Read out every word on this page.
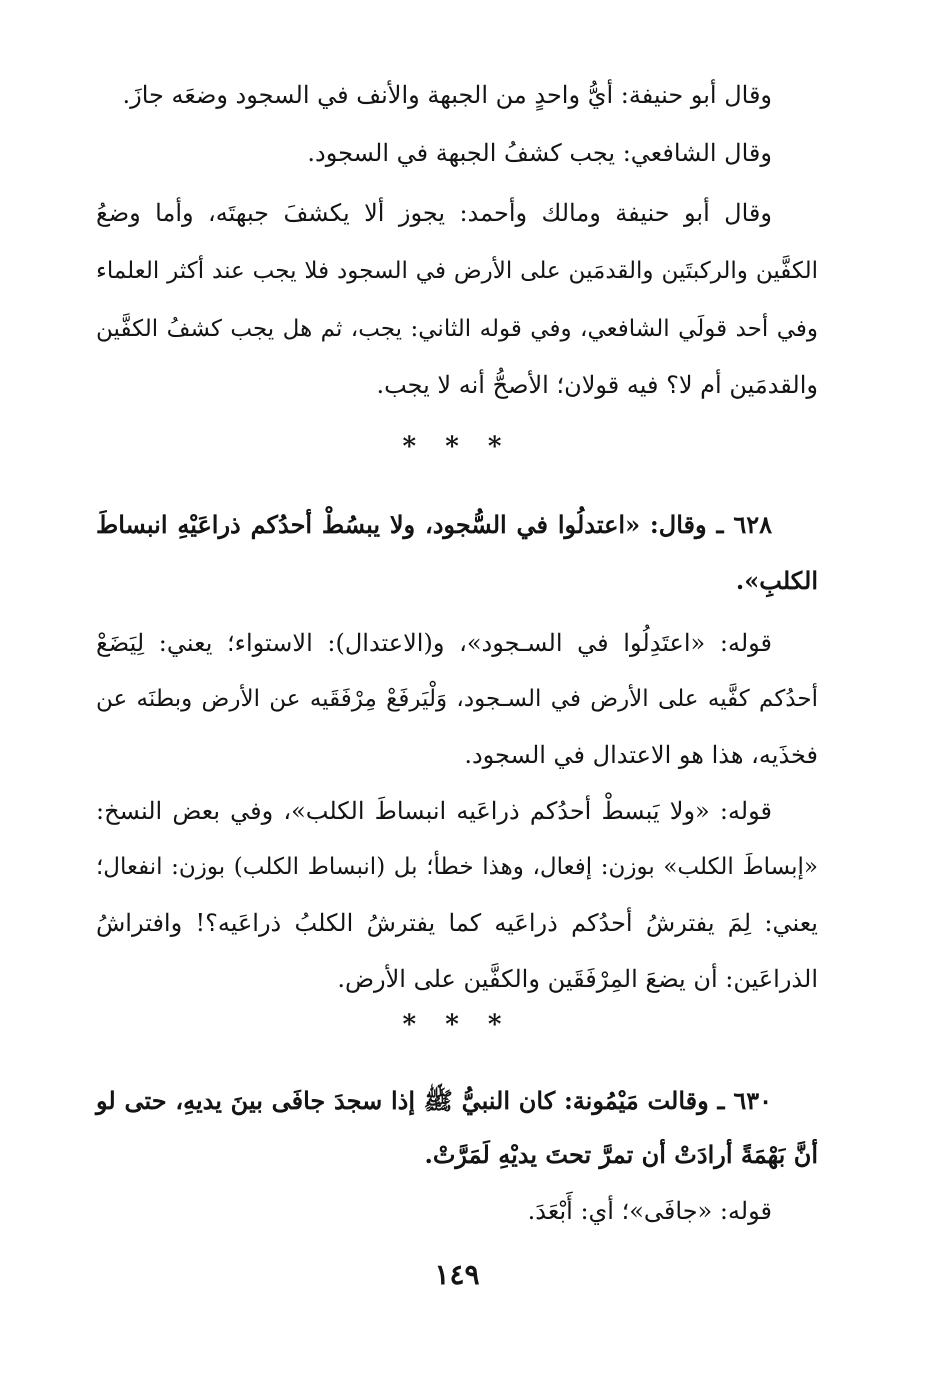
وقال أبو حنيفة: أيُّ واحدٍ من الجبهة والأنف في السجود وضعَه جازَ.
وقال الشافعي: يجب كشفُ الجبهة في السجود.
وقال أبو حنيفة ومالك وأحمد: يجوز ألا يكشفَ جبهتَه، وأما وضعُ
الكفَّين والركبتَين والقدمَين على الأرض في السجود فلا يجب عند أكثر العلماء
وفي أحد قولَي الشافعي، وفي قوله الثاني: يجب، ثم هل يجب كشفُ الكفَّين
والقدمَين أم لا؟ فيه قولان؛ الأصحُّ أنه لا يجب.
* * *
٦٢٨ ـ وقال: «اعتدلُوا في السُّجود، ولا يبسُطْ أحدُكم ذراعَيْهِ انبساطَ
الكلبِ».
قوله: «اعتَدِلُوا في السـجود»، و(الاعتدال): الاستواء؛ يعني: لِيَضَعْ
أحدُكم كفَّيه على الأرض في السـجود، وَلْيَرفَعْ مِرْفَقَيه عن الأرض وبطنَه عن
فخذَيه، هذا هو الاعتدال في السجود.
قوله: «ولا يَبسطْ أحدُكم ذراعَيه انبساطَ الكلب»، وفي بعض النسخ:
«إبساطَ الكلب» بوزن: إفعال، وهذا خطأ؛ بل (انبساط الكلب) بوزن: انفعال؛
يعني: لِمَ يفترشُ أحدُكم ذراعَيه كما يفترشُ الكلبُ ذراعَيه؟! وافتراشُ
الذراعَين: أن يضعَ المِرْفَقَين والكفَّين على الأرض.
* * *
٦٣٠ ـ وقالت مَيْمُونة: كان النبيُّ ﷺ إذا سجدَ جافَى بينَ يديهِ، حتى لو
أنَّ بَهْمَةً أرادَتْ أن تمرَّ تحتَ يديْهِ لَمَرَّتْ.
قوله: «جافَى»؛ أي: أَبْعَدَ.
١٤٩
